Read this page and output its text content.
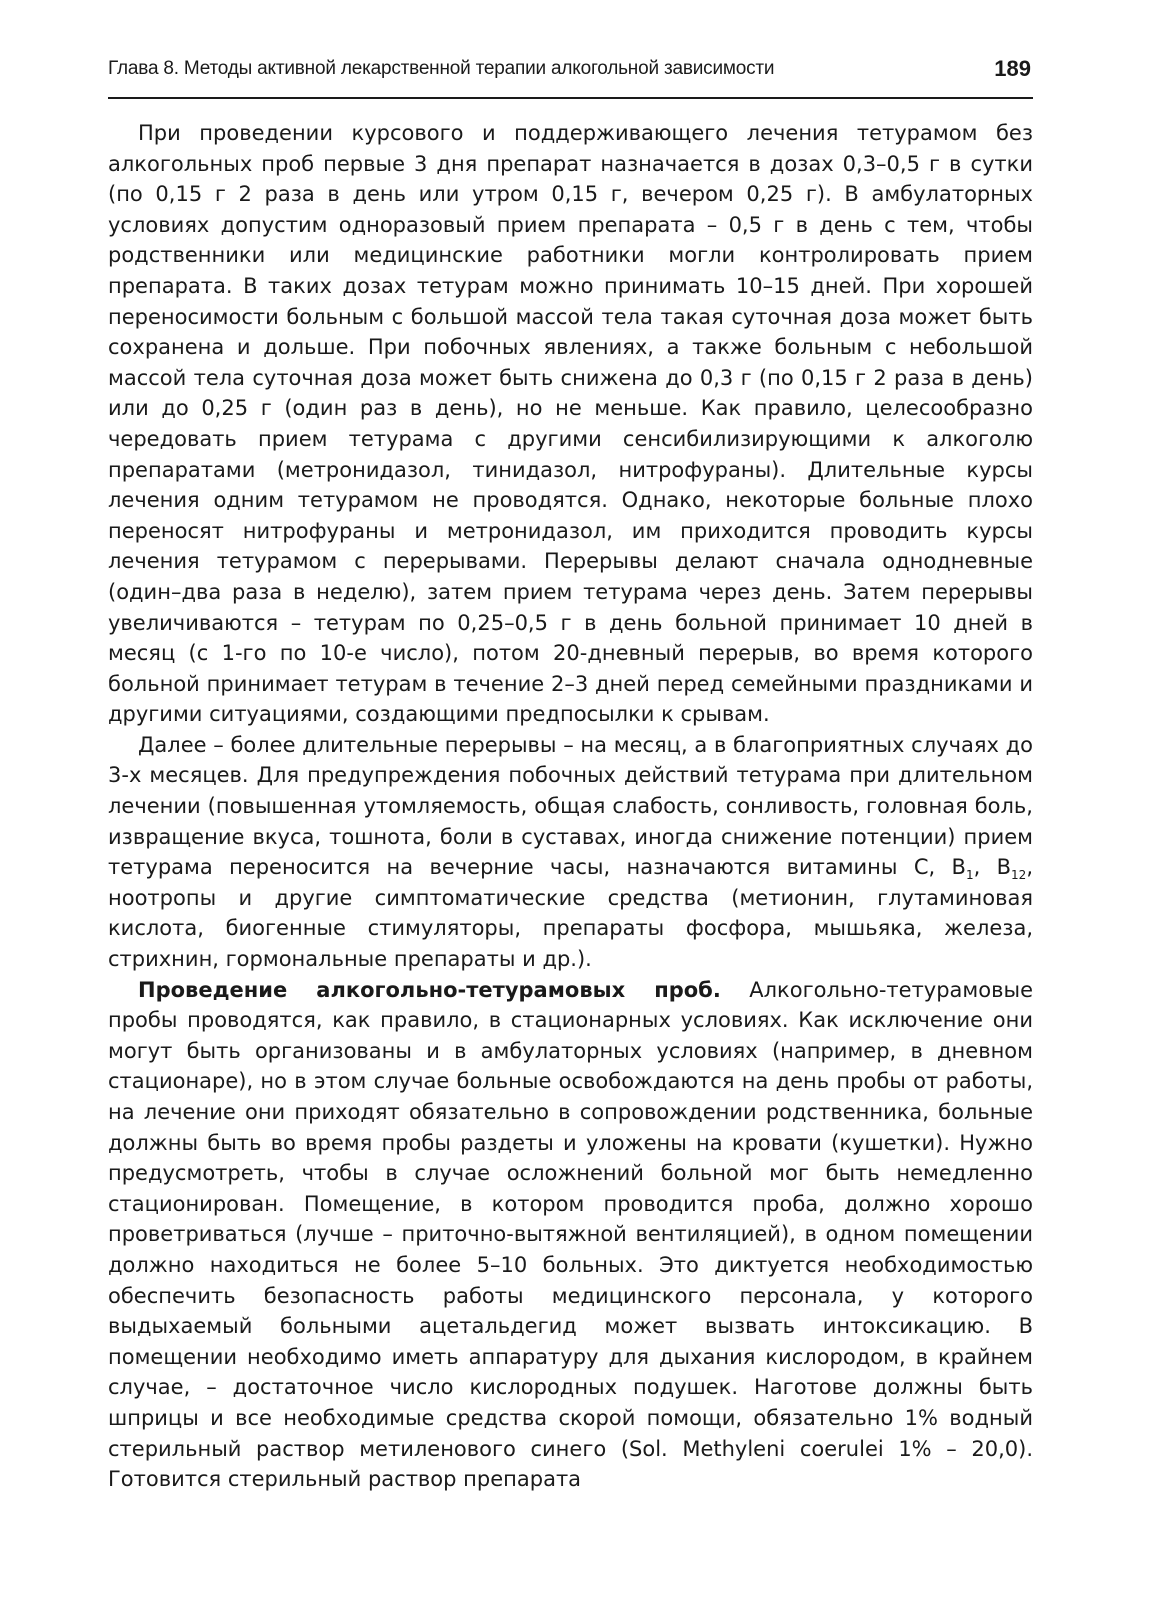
Глава 8. Методы активной лекарственной терапии алкогольной зависимости	189

При проведении курсового и поддерживающего лечения тетурамом без алкогольных проб первые 3 дня препарат назначается в дозах 0,3–0,5 г в сутки (по 0,15 г 2 раза в день или утром 0,15 г, вечером 0,25 г). В амбулаторных условиях допустим одноразовый прием препарата – 0,5 г в день с тем, чтобы родственники или медицинские работники могли контролировать прием препарата. В таких дозах тетурам можно принимать 10–15 дней. При хорошей переносимости больным с большой массой тела такая суточная доза может быть сохранена и дольше. При побочных явлениях, а также больным с небольшой массой тела суточная доза может быть снижена до 0,3 г (по 0,15 г 2 раза в день) или до 0,25 г (один раз в день), но не меньше. Как правило, целесообразно чередовать прием тетурама с другими сенсибилизирующими к алкоголю препаратами (метронидазол, тинидазол, нитрофураны). Длительные курсы лечения одним тетурамом не проводятся. Однако, некоторые больные плохо переносят нитрофураны и метронидазол, им приходится проводить курсы лечения тетурамом с перерывами. Перерывы делают сначала однодневные (один–два раза в неделю), затем прием тетурама через день. Затем перерывы увеличиваются – тетурам по 0,25–0,5 г в день больной принимает 10 дней в месяц (с 1-го по 10-е число), потом 20-дневный перерыв, во время которого больной принимает тетурам в течение 2–3 дней перед семейными праздниками и другими ситуациями, создающими предпосылки к срывам.

Далее – более длительные перерывы – на месяц, а в благоприятных случаях до 3-х месяцев. Для предупреждения побочных действий тетурама при длительном лечении (повышенная утомляемость, общая слабость, сонливость, головная боль, извращение вкуса, тошнота, боли в суставах, иногда снижение потенции) прием тетурама переносится на вечерние часы, назначаются витамины С, $В_1$, $В_{12}$, ноотропы и другие симптоматические средства (метионин, глутаминовая кислота, биогенные стимуляторы, препараты фосфора, мышьяка, железа, стрихнин, гормональные препараты и др.).

Проведение алкогольно-тетурамовых проб. Алкогольно-тетурамовые пробы проводятся, как правило, в стационарных условиях. Как исключение они могут быть организованы и в амбулаторных условиях (например, в дневном стационаре), но в этом случае больные освобождаются на день пробы от работы, на лечение они приходят обязательно в сопровождении родственника, больные должны быть во время пробы раздеты и уложены на кровати (кушетки). Нужно предусмотреть, чтобы в случае осложнений больной мог быть немедленно стационирован. Помещение, в котором проводится проба, должно хорошо проветриваться (лучше – приточно-вытяжной вентиляцией), в одном помещении должно находиться не более 5–10 больных. Это диктуется необходимостью обеспечить безопасность работы медицинского персонала, у которого выдыхаемый больными ацетальдегид может вызвать интоксикацию. В помещении необходимо иметь аппаратуру для дыхания кислородом, в крайнем случае, – достаточное число кислородных подушек. Наготове должны быть шприцы и все необходимые средства скорой помощи, обязательно 1% водный стерильный раствор метиленового синего (Sol. Methyleni coerulei 1% – 20,0). Готовится стерильный раствор препарата
